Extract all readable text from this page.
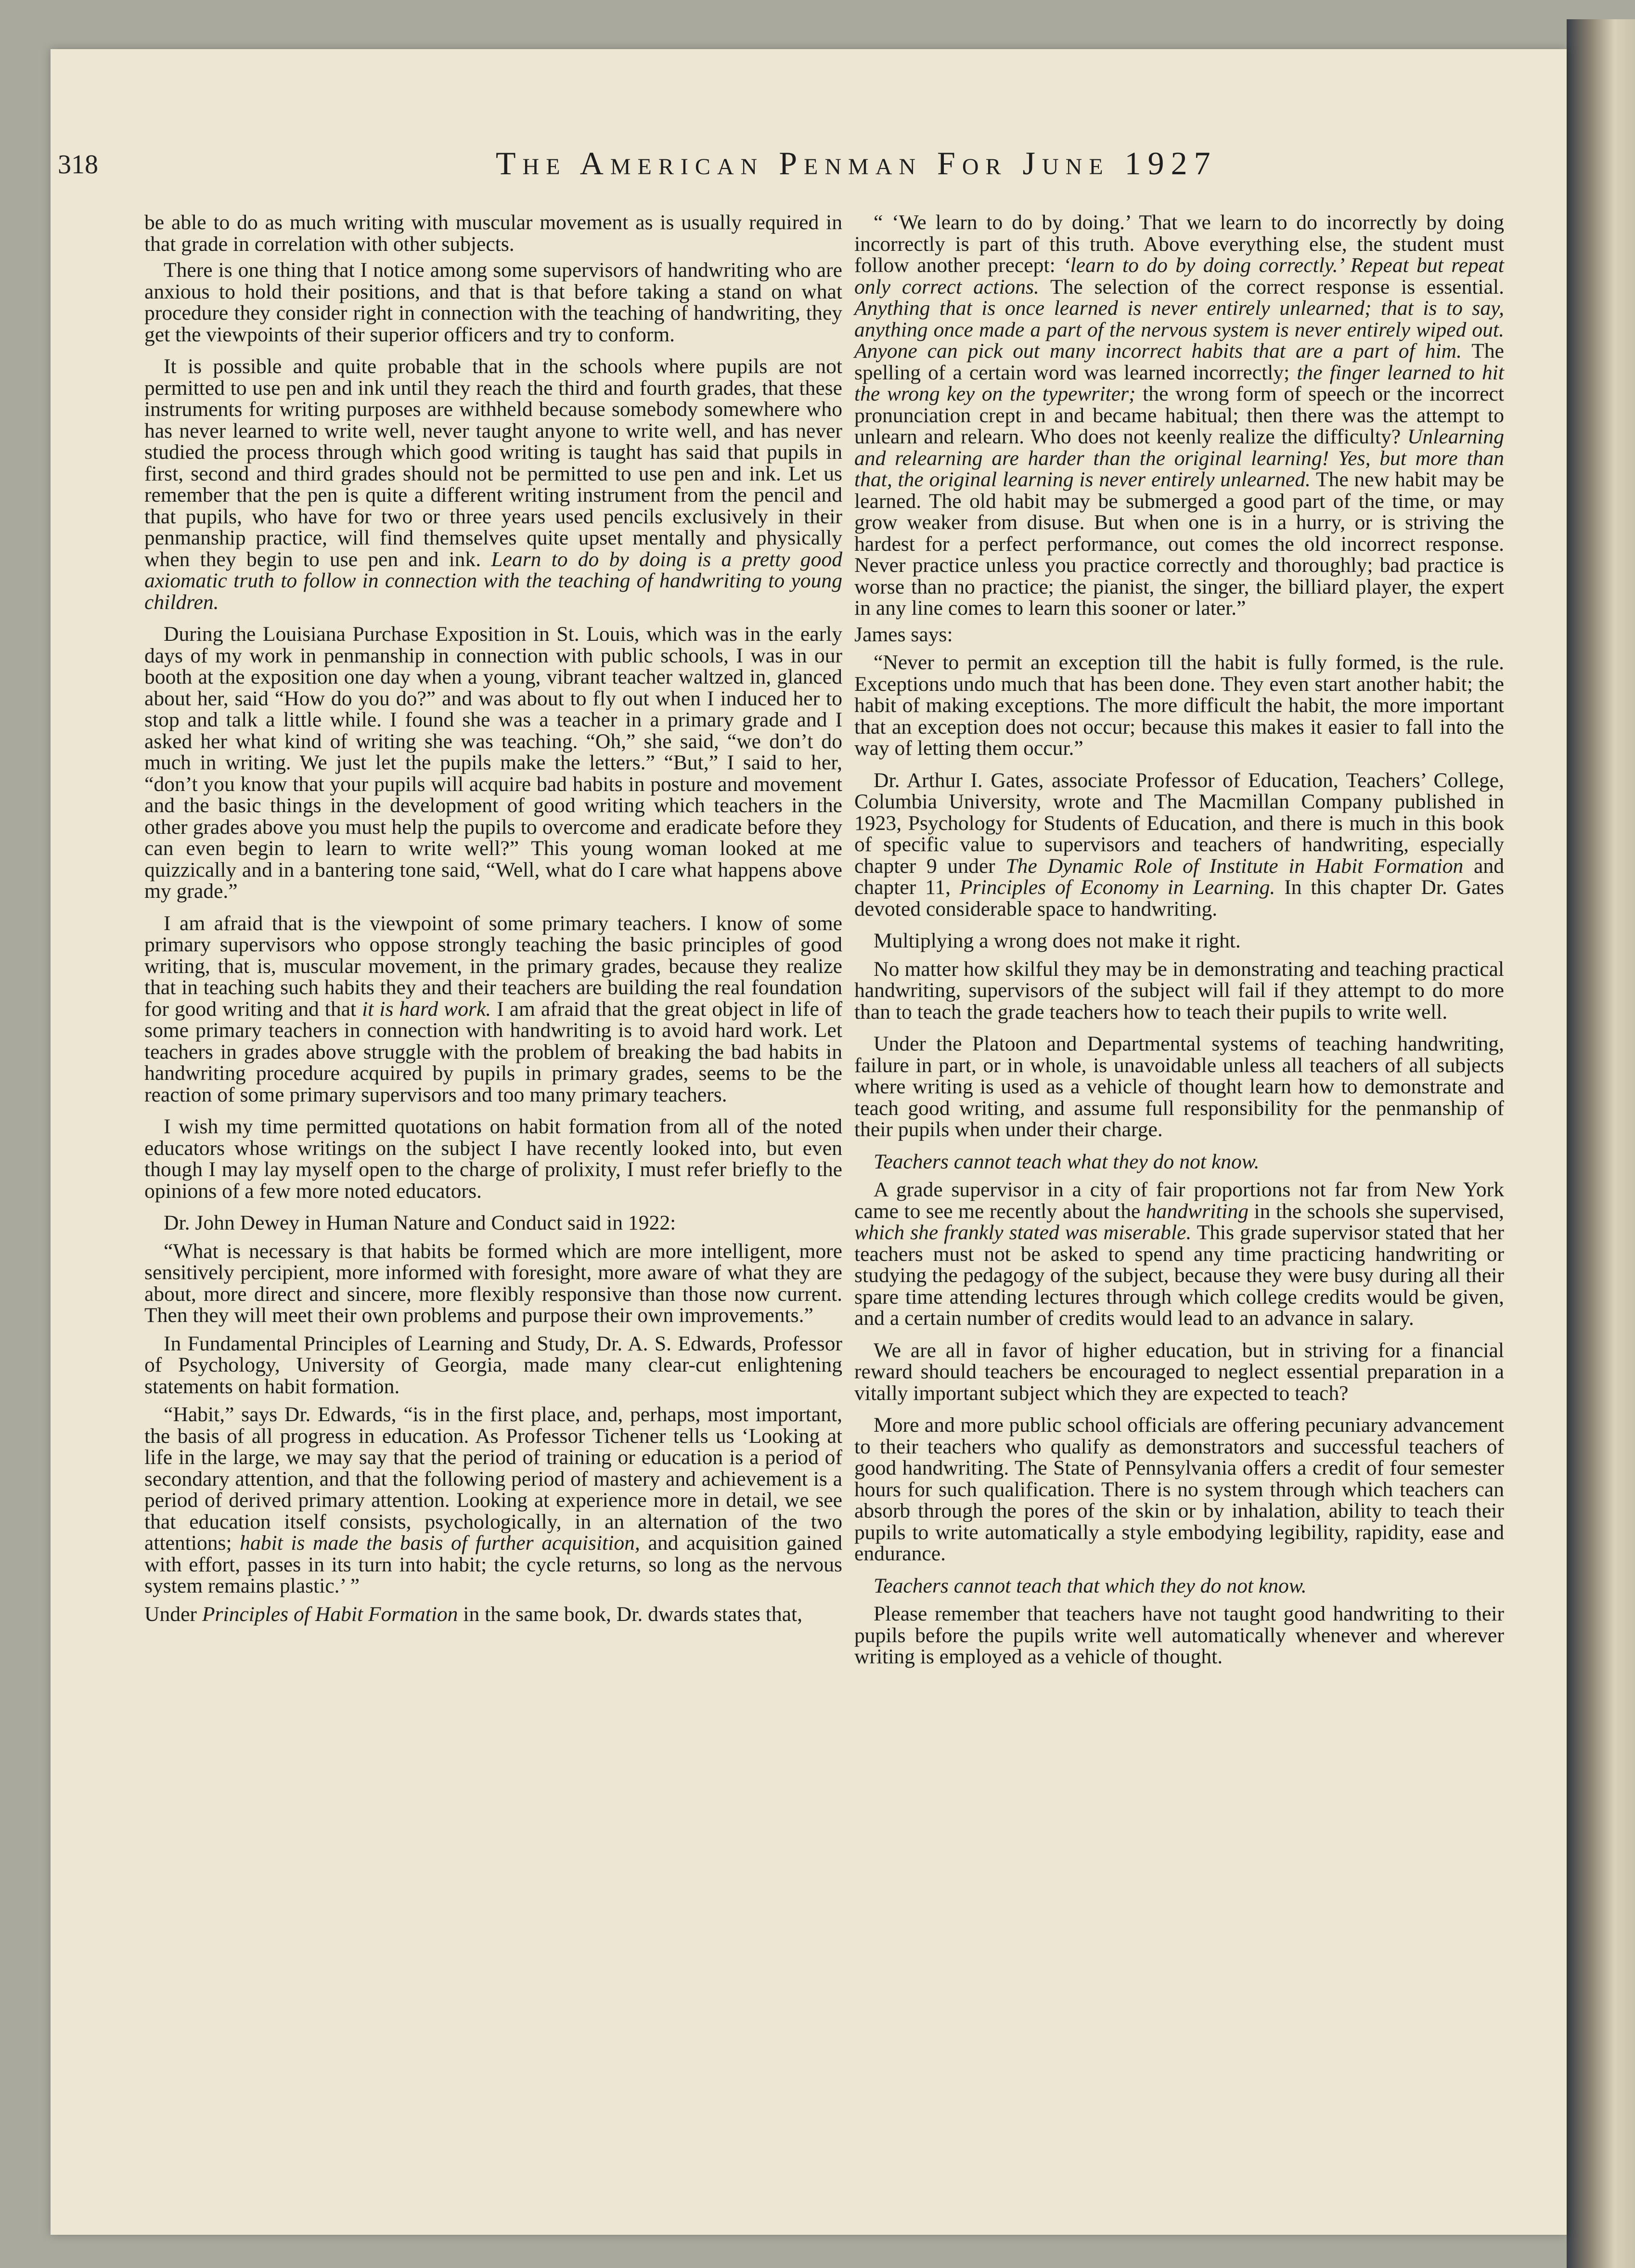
318	The American Penman For June 1927

be able to do as much writing with muscular movement as is usually required in that grade in correlation with other subjects.

There is one thing that I notice among some supervisors of handwriting who are anxious to hold their positions, and that is that before taking a stand on what procedure they consider right in connection with the teaching of handwriting, they get the viewpoints of their superior officers and try to conform.

It is possible and quite probable that in the schools where pupils are not permitted to use pen and ink until they reach the third and fourth grades, that these instruments for writing purposes are withheld because somebody somewhere who has never learned to write well, never taught anyone to write well, and has never studied the process through which good writing is taught has said that pupils in first, second and third grades should not be permitted to use pen and ink. Let us remember that the pen is quite a different writing instrument from the pencil and that pupils, who have for two or three years used pencils exclusively in their penmanship practice, will find themselves quite upset mentally and physically when they begin to use pen and ink. Learn to do by doing is a pretty good axiomatic truth to follow in connection with the teaching of handwriting to young children.

During the Louisiana Purchase Exposition in St. Louis, which was in the early days of my work in penmanship in connection with public schools, I was in our booth at the exposition one day when a young, vibrant teacher waltzed in, glanced about her, said “How do you do?” and was about to fly out when I induced her to stop and talk a little while. I found she was a teacher in a primary grade and I asked her what kind of writing she was teaching. “Oh,” she said, “we don’t do much in writing. We just let the pupils make the letters.” “But,” I said to her, “don’t you know that your pupils will acquire bad habits in posture and movement and the basic things in the development of good writing which teachers in the other grades above you must help the pupils to overcome and eradicate before they can even begin to learn to write well?” This young woman looked at me quizzically and in a bantering tone said, “Well, what do I care what happens above my grade.”

I am afraid that is the viewpoint of some primary teachers. I know of some primary supervisors who oppose strongly teaching the basic principles of good writing, that is, muscular movement, in the primary grades, because they realize that in teaching such habits they and their teachers are building the real foundation for good writing and that it is hard work. I am afraid that the great object in life of some primary teachers in connection with handwriting is to avoid hard work. Let teachers in grades above struggle with the problem of breaking the bad habits in handwriting procedure acquired by pupils in primary grades, seems to be the reaction of some primary supervisors and too many primary teachers.

I wish my time permitted quotations on habit formation from all of the noted educators whose writings on the subject I have recently looked into, but even though I may lay myself open to the charge of prolixity, I must refer briefly to the opinions of a few more noted educators.

Dr. John Dewey in Human Nature and Conduct said in 1922:

“What is necessary is that habits be formed which are more intelligent, more sensitively percipient, more informed with foresight, more aware of what they are about, more direct and sincere, more flexibly responsive than those now current. Then they will meet their own problems and purpose their own improvements.”

In Fundamental Principles of Learning and Study, Dr. A. S. Edwards, Professor of Psychology, University of Georgia, made many clear-cut enlightening statements on habit formation.

“Habit,” says Dr. Edwards, “is in the first place, and, perhaps, most important, the basis of all progress in education. As Professor Tichener tells us ‘Looking at life in the large, we may say that the period of training or education is a period of secondary attention, and that the following period of mastery and achievement is a period of derived primary attention. Looking at experience more in detail, we see that education itself consists, psychologically, in an alternation of the two attentions; habit is made the basis of further acquisition, and acquisition gained with effort, passes in its turn into habit; the cycle returns, so long as the nervous system remains plastic.’ ”

Under Principles of Habit Formation in the same book, Dr. dwards states that,

“ ‘We learn to do by doing.’ That we learn to do incorrectly by doing incorrectly is part of this truth. Above everything else, the student must follow another precept: ‘learn to do by doing correctly.’ Repeat but repeat only correct actions. The selection of the correct response is essential. Anything that is once learned is never entirely unlearned; that is to say, anything once made a part of the nervous system is never entirely wiped out. Anyone can pick out many incorrect habits that are a part of him. The spelling of a certain word was learned incorrectly; the finger learned to hit the wrong key on the typewriter; the wrong form of speech or the incorrect pronunciation crept in and became habitual; then there was the attempt to unlearn and relearn. Who does not keenly realize the difficulty? Unlearning and relearning are harder than the original learning! Yes, but more than that, the original learning is never entirely unlearned. The new habit may be learned. The old habit may be submerged a good part of the time, or may grow weaker from disuse. But when one is in a hurry, or is striving the hardest for a perfect performance, out comes the old incorrect response. Never practice unless you practice correctly and thoroughly; bad practice is worse than no practice; the pianist, the singer, the billiard player, the expert in any line comes to learn this sooner or later.”

James says:

“Never to permit an exception till the habit is fully formed, is the rule. Exceptions undo much that has been done. They even start another habit; the habit of making exceptions. The more difficult the habit, the more important that an exception does not occur; because this makes it easier to fall into the way of letting them occur.”

Dr. Arthur I. Gates, associate Professor of Education, Teachers’ College, Columbia University, wrote and The Macmillan Company published in 1923, Psychology for Students of Education, and there is much in this book of specific value to supervisors and teachers of handwriting, especially chapter 9 under The Dynamic Role of Institute in Habit Formation and chapter 11, Principles of Economy in Learning. In this chapter Dr. Gates devoted considerable space to handwriting.

Multiplying a wrong does not make it right.

No matter how skilful they may be in demonstrating and teaching practical handwriting, supervisors of the subject will fail if they attempt to do more than to teach the grade teachers how to teach their pupils to write well.

Under the Platoon and Departmental systems of teaching handwriting, failure in part, or in whole, is unavoidable unless all teachers of all subjects where writing is used as a vehicle of thought learn how to demonstrate and teach good writing, and assume full responsibility for the penmanship of their pupils when under their charge.

Teachers cannot teach what they do not know.

A grade supervisor in a city of fair proportions not far from New York came to see me recently about the handwriting in the schools she supervised, which she frankly stated was miserable. This grade supervisor stated that her teachers must not be asked to spend any time practicing handwriting or studying the pedagogy of the subject, because they were busy during all their spare time attending lectures through which college credits would be given, and a certain number of credits would lead to an advance in salary.

We are all in favor of higher education, but in striving for a financial reward should teachers be encouraged to neglect essential preparation in a vitally important subject which they are expected to teach?

More and more public school officials are offering pecuniary advancement to their teachers who qualify as demonstrators and successful teachers of good handwriting. The State of Pennsylvania offers a credit of four semester hours for such qualification. There is no system through which teachers can absorb through the pores of the skin or by inhalation, ability to teach their pupils to write automatically a style embodying legibility, rapidity, ease and endurance.

Teachers cannot teach that which they do not know.

Please remember that teachers have not taught good handwriting to their pupils before the pupils write well automatically whenever and wherever writing is employed as a vehicle of thought.
